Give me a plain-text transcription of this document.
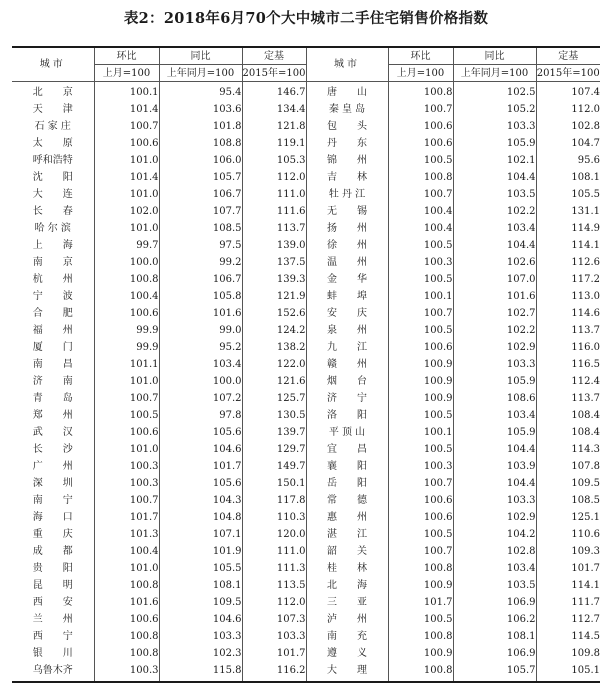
表2：2018年6月70个大中城市二手住宅销售价格指数
城市	环比	同比	定基	城市	环比	同比	定基
	上月=100	上年同月=100	2015年=100		上月=100	上年同月=100	2015年=100
北　　京	100.1	95.4	146.7	唐　　山	100.8	102.5	107.4
天　　津	101.4	103.6	134.4	秦 皇 岛	100.7	105.2	112.0
石 家 庄	100.7	101.8	121.8	包　　头	100.6	103.3	102.8
太　　原	100.6	108.8	119.1	丹　　东	100.6	105.9	104.7
呼和浩特	101.0	106.0	105.3	锦　　州	100.5	102.1	95.6
沈　　阳	101.4	105.7	112.0	吉　　林	100.8	104.4	108.1
大　　连	101.0	106.7	111.0	牡 丹 江	100.7	103.5	105.5
长　　春	102.0	107.7	111.6	无　　锡	100.4	102.2	131.1
哈 尔 滨	101.0	108.5	113.7	扬　　州	100.4	103.4	114.9
上　　海	99.7	97.5	139.0	徐　　州	100.5	104.4	114.1
南　　京	100.0	99.2	137.5	温　　州	100.3	102.6	112.6
杭　　州	100.8	106.7	139.3	金　　华	100.5	107.0	117.2
宁　　波	100.4	105.8	121.9	蚌　　埠	100.1	101.6	113.0
合　　肥	100.6	101.6	152.6	安　　庆	100.7	102.7	114.6
福　　州	99.9	99.0	124.2	泉　　州	100.5	102.2	113.7
厦　　门	99.9	95.2	138.2	九　　江	100.6	102.9	116.0
南　　昌	101.1	103.4	122.0	赣　　州	100.9	103.3	116.5
济　　南	101.0	100.0	121.6	烟　　台	100.9	105.9	112.4
青　　岛	100.7	107.2	125.7	济　　宁	100.9	108.6	113.7
郑　　州	100.5	97.8	130.5	洛　　阳	100.5	103.4	108.4
武　　汉	100.6	105.6	139.7	平 顶 山	100.1	105.9	108.4
长　　沙	101.0	104.6	129.7	宜　　昌	100.5	104.4	114.3
广　　州	100.3	101.7	149.7	襄　　阳	100.3	103.9	107.8
深　　圳	100.3	105.6	150.1	岳　　阳	100.7	104.4	109.5
南　　宁	100.7	104.3	117.8	常　　德	100.6	103.3	108.5
海　　口	101.7	104.8	110.3	惠　　州	100.6	102.9	125.1
重　　庆	101.3	107.1	120.0	湛　　江	100.5	104.2	110.6
成　　都	100.4	101.9	111.0	韶　　关	100.7	102.8	109.3
贵　　阳	101.0	105.5	111.3	桂　　林	100.8	103.4	101.7
昆　　明	100.8	108.1	113.5	北　　海	100.9	103.5	114.1
西　　安	101.6	109.5	112.0	三　　亚	101.7	106.9	111.7
兰　　州	100.6	104.6	107.3	泸　　州	100.5	106.2	112.7
西　　宁	100.8	103.3	103.3	南　　充	100.8	108.1	114.5
银　　川	100.8	102.3	101.7	遵　　义	100.9	106.9	109.8
乌鲁木齐	100.3	115.8	116.2	大　　理	100.8	105.7	105.1
